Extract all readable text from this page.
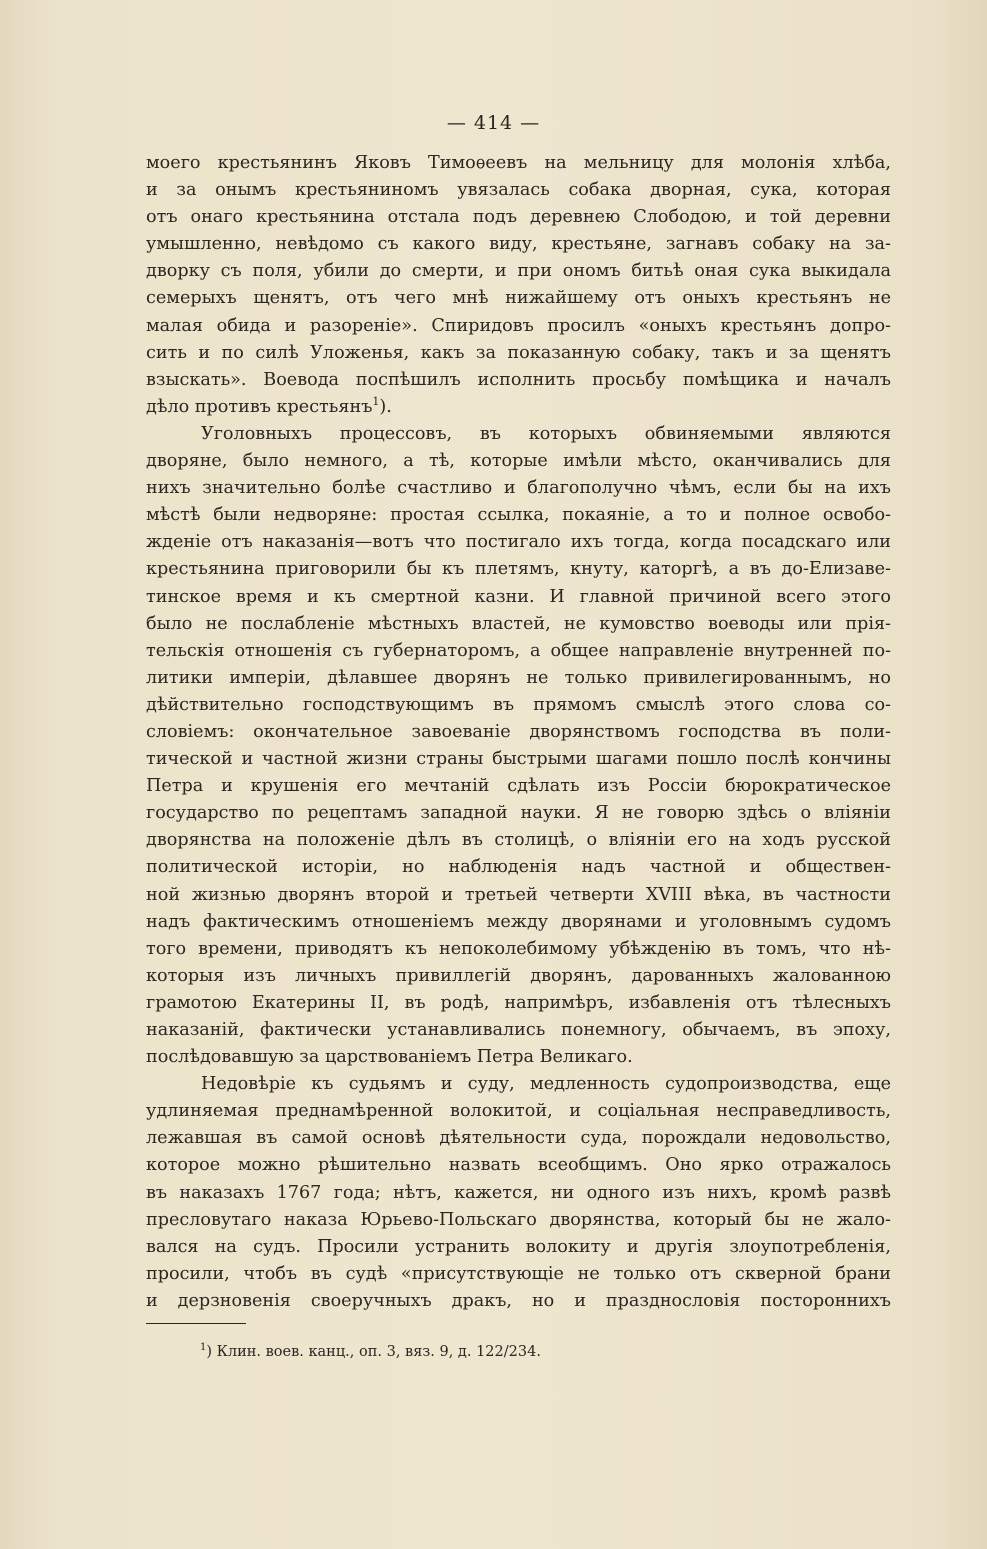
— 414 —
моего крестьянинъ Яковъ Тимоѳеевъ на мельницу для молонія хлѣба,
и за онымъ крестьяниномъ увязалась собака дворная, сука, которая
отъ онаго крестьянина отстала подъ деревнею Слободою, и той деревни
умышленно, невѣдомо съ какого виду, крестьяне, загнавъ собаку на за-
дворку съ поля, убили до смерти, и при ономъ битьѣ оная сука выкидала
семерыхъ щенятъ, отъ чего мнѣ нижайшему отъ оныхъ крестьянъ не
малая обида и разореніе». Спиридовъ просилъ «оныхъ крестьянъ допро-
сить и по силѣ Уложенья, какъ за показанную собаку, такъ и за щенятъ
взыскать». Воевода поспѣшилъ исполнить просьбу помѣщика и началъ
дѣло противъ крестьянъ$^1$).
Уголовныхъ процессовъ, въ которыхъ обвиняемыми являются
дворяне, было немного, а тѣ, которые имѣли мѣсто, оканчивались для
нихъ значительно болѣе счастливо и благополучно чѣмъ, если бы на ихъ
мѣстѣ были недворяне: простая ссылка, покаяніе, а то и полное освобо-
жденіе отъ наказанія—вотъ что постигало ихъ тогда, когда посадскаго или
крестьянина приговорили бы къ плетямъ, кнуту, каторгѣ, а въ до-Елизаве-
тинское время и къ смертной казни. И главной причиной всего этого
было не послабленіе мѣстныхъ властей, не кумовство воеводы или прія-
тельскія отношенія съ губернаторомъ, а общее направленіе внутренней по-
литики имперіи, дѣлавшее дворянъ не только привилегированнымъ, но
дѣйствительно господствующимъ въ прямомъ смыслѣ этого слова со-
словіемъ: окончательное завоеваніе дворянствомъ господства въ поли-
тической и частной жизни страны быстрыми шагами пошло послѣ кончины
Петра и крушенія его мечтаній сдѣлать изъ Россіи бюрократическое
государство по рецептамъ западной науки. Я не говорю здѣсь о вліяніи
дворянства на положеніе дѣлъ въ столицѣ, о вліяніи его на ходъ русской
политической исторіи, но наблюденія надъ частной и обществен-
ной жизнью дворянъ второй и третьей четверти XVIII вѣка, въ частности
надъ фактическимъ отношеніемъ между дворянами и уголовнымъ судомъ
того времени, приводятъ къ непоколебимому убѣжденію въ томъ, что нѣ-
которыя изъ личныхъ привиллегій дворянъ, дарованныхъ жалованною
грамотою Екатерины II, въ родѣ, напримѣръ, избавленія отъ тѣлесныхъ
наказаній, фактически устанавливались понемногу, обычаемъ, въ эпоху,
послѣдовавшую за царствованіемъ Петра Великаго.
Недовѣріе къ судьямъ и суду, медленность судопроизводства, еще
удлиняемая преднамѣренной волокитой, и соціальная несправедливость,
лежавшая въ самой основѣ дѣятельности суда, порождали недовольство,
которое можно рѣшительно назвать всеобщимъ. Оно ярко отражалось
въ наказахъ 1767 года; нѣтъ, кажется, ни одного изъ нихъ, кромѣ развѣ
пресловутаго наказа Юрьево-Польскаго дворянства, который бы не жало-
вался на судъ. Просили устранить волокиту и другія злоупотребленія,
просили, чтобъ въ судѣ «присутствующіе не только отъ скверной брани
и дерзновенія своеручныхъ дракъ, но и празднословія постороннихъ
$^1$) Клин. воев. канц., оп. 3, вяз. 9, д. 122/234.
